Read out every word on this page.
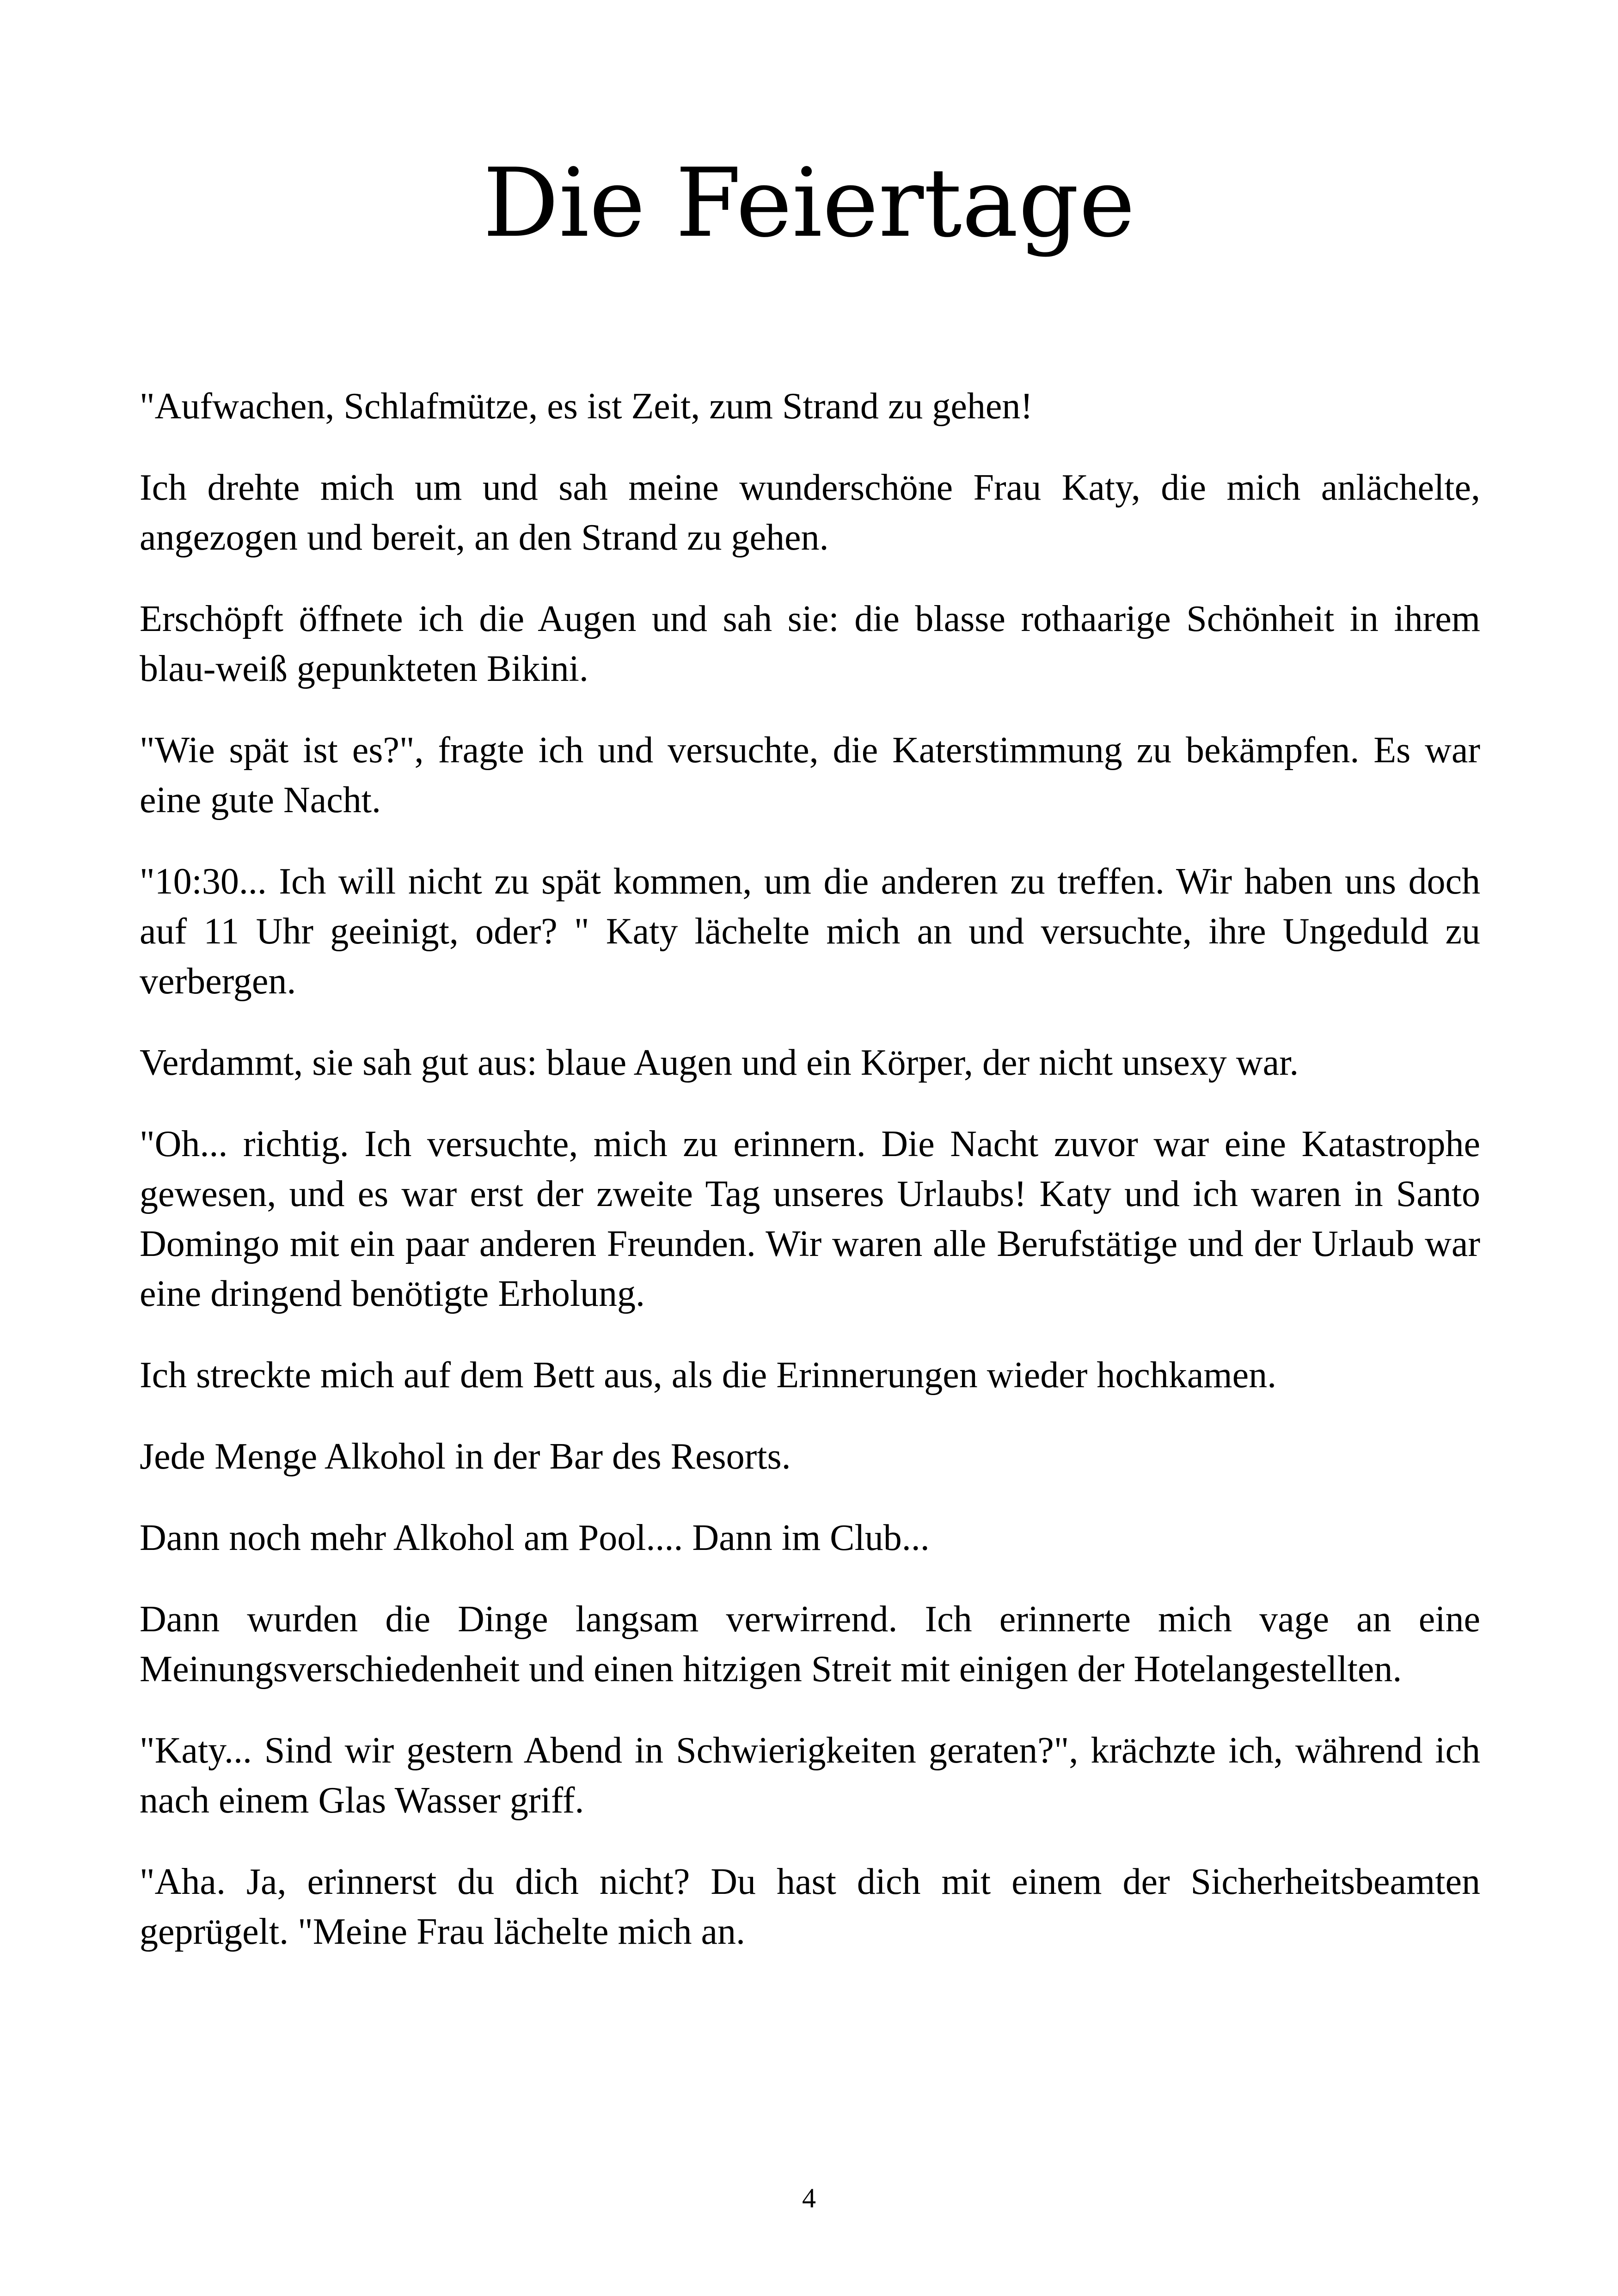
Die Feiertage

"Aufwachen, Schlafmütze, es ist Zeit, zum Strand zu gehen!

Ich drehte mich um und sah meine wunderschöne Frau Katy, die mich anlächelte, angezogen und bereit, an den Strand zu gehen.

Erschöpft öffnete ich die Augen und sah sie: die blasse rothaarige Schönheit in ihrem blau-weiß gepunkteten Bikini.

"Wie spät ist es?", fragte ich und versuchte, die Katerstimmung zu bekämpfen. Es war eine gute Nacht.

"10:30... Ich will nicht zu spät kommen, um die anderen zu treffen. Wir haben uns doch auf 11 Uhr geeinigt, oder? " Katy lächelte mich an und versuchte, ihre Ungeduld zu verbergen.

Verdammt, sie sah gut aus: blaue Augen und ein Körper, der nicht unsexy war.

"Oh... richtig. Ich versuchte, mich zu erinnern. Die Nacht zuvor war eine Katastrophe gewesen, und es war erst der zweite Tag unseres Urlaubs! Katy und ich waren in Santo Domingo mit ein paar anderen Freunden. Wir waren alle Berufstätige und der Urlaub war eine dringend benötigte Erholung.

Ich streckte mich auf dem Bett aus, als die Erinnerungen wieder hochkamen.

Jede Menge Alkohol in der Bar des Resorts.

Dann noch mehr Alkohol am Pool.... Dann im Club...

Dann wurden die Dinge langsam verwirrend. Ich erinnerte mich vage an eine Meinungsverschiedenheit und einen hitzigen Streit mit einigen der Hotelangestellten.

"Katy... Sind wir gestern Abend in Schwierigkeiten geraten?", krächzte ich, während ich nach einem Glas Wasser griff.

"Aha. Ja, erinnerst du dich nicht? Du hast dich mit einem der Sicherheitsbeamten geprügelt. "Meine Frau lächelte mich an.

4
